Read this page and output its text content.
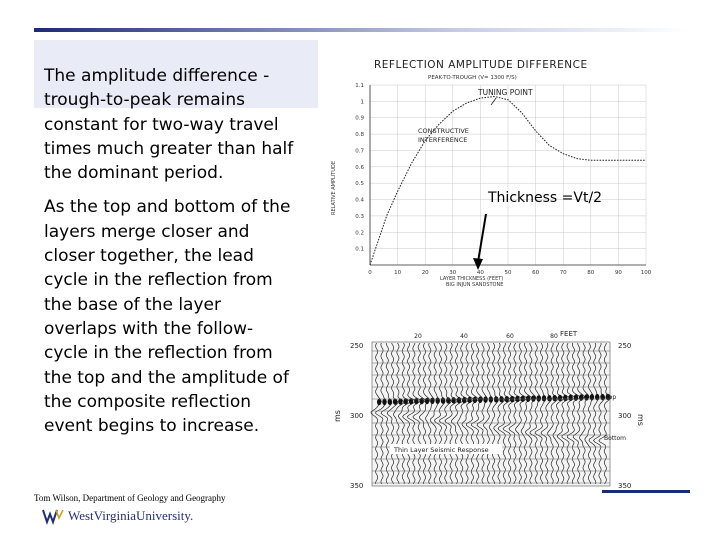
The amplitude difference - trough-to-peak remains constant for two-way travel times much greater than half the dominant period.

As the top and bottom of the layers merge closer and closer together, the lead cycle in the reflection from the base of the layer overlaps with the follow-cycle in the reflection from the top and the amplitude of the composite reflection event begins to increase.

REFLECTION AMPLITUDE DIFFERENCE
PEAK-TO-TROUGH (V= 1300 F/S)
RELATIVE AMPLITUDE
1.1
1
0.9
0.8
0.7
0.6
0.5
0.4
0.3
0.2
0.1
0	10	20	30	40	50	60	70	80	90	100
TUNING POINT
CONSTRUCTIVE
INTERFERENCE
LAYER THICKNESS (FEET)
BIG INJUN SANDSTONE
Thickness =Vt/2
FEET
20	40	60	80
250
300
350
250
300
350
ms	ms
Top
Bottom
Thin Layer Seismic Response
Tom Wilson, Department of Geology and Geography
WestVirginiaUniversity.
